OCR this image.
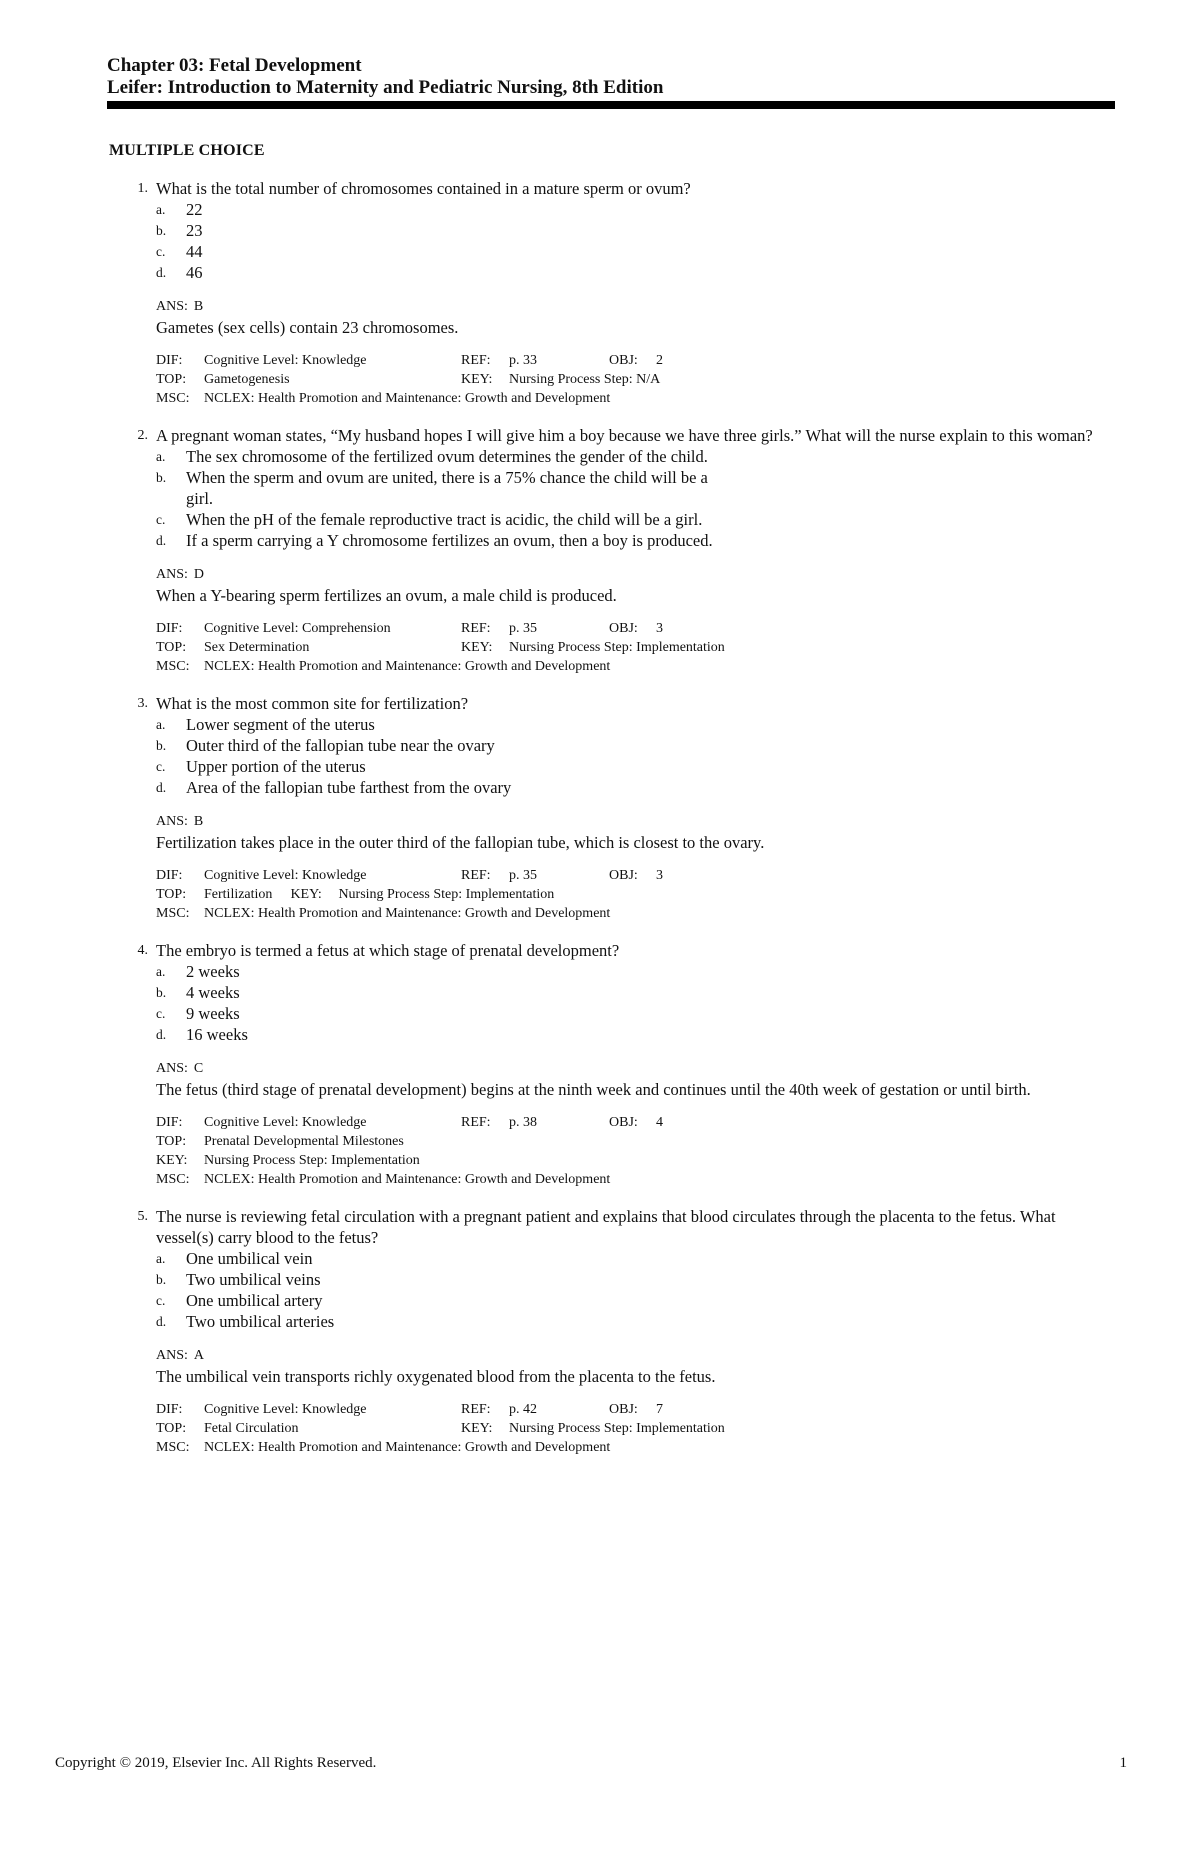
Chapter 03: Fetal Development
Leifer: Introduction to Maternity and Pediatric Nursing, 8th Edition
MULTIPLE CHOICE
1. What is the total number of chromosomes contained in a mature sperm or ovum?
a.	22
b.	23
c.	44
d.	46
ANS: B
Gametes (sex cells) contain 23 chromosomes.
DIF:	Cognitive Level: Knowledge	REF:	p. 33	OBJ:	2
TOP:	Gametogenesis	KEY:	Nursing Process Step: N/A
MSC:	NCLEX: Health Promotion and Maintenance: Growth and Development
2. A pregnant woman states, “My husband hopes I will give him a boy because we have three girls.” What will the nurse explain to this woman?
a.	The sex chromosome of the fertilized ovum determines the gender of the child.
b.	When the sperm and ovum are united, there is a 75% chance the child will be a girl.
c.	When the pH of the female reproductive tract is acidic, the child will be a girl.
d.	If a sperm carrying a Y chromosome fertilizes an ovum, then a boy is produced.
ANS: D
When a Y-bearing sperm fertilizes an ovum, a male child is produced.
DIF:	Cognitive Level: Comprehension	REF:	p. 35	OBJ:	3
TOP:	Sex Determination	KEY:	Nursing Process Step: Implementation
MSC:	NCLEX: Health Promotion and Maintenance: Growth and Development
3. What is the most common site for fertilization?
a.	Lower segment of the uterus
b.	Outer third of the fallopian tube near the ovary
c.	Upper portion of the uterus
d.	Area of the fallopian tube farthest from the ovary
ANS: B
Fertilization takes place in the outer third of the fallopian tube, which is closest to the ovary.
DIF:	Cognitive Level: Knowledge	REF:	p. 35	OBJ:	3
TOP:	Fertilization KEY:	Nursing Process Step: Implementation
MSC:	NCLEX: Health Promotion and Maintenance: Growth and Development
4. The embryo is termed a fetus at which stage of prenatal development?
a.	2 weeks
b.	4 weeks
c.	9 weeks
d.	16 weeks
ANS: C
The fetus (third stage of prenatal development) begins at the ninth week and continues until the 40th week of gestation or until birth.
DIF:	Cognitive Level: Knowledge	REF:	p. 38	OBJ:	4
TOP:	Prenatal Developmental Milestones
KEY:	Nursing Process Step: Implementation
MSC:	NCLEX: Health Promotion and Maintenance: Growth and Development
5. The nurse is reviewing fetal circulation with a pregnant patient and explains that blood circulates through the placenta to the fetus. What vessel(s) carry blood to the fetus?
a.	One umbilical vein
b.	Two umbilical veins
c.	One umbilical artery
d.	Two umbilical arteries
ANS: A
The umbilical vein transports richly oxygenated blood from the placenta to the fetus.
DIF:	Cognitive Level: Knowledge	REF:	p. 42	OBJ:	7
TOP:	Fetal Circulation	KEY:	Nursing Process Step: Implementation
MSC:	NCLEX: Health Promotion and Maintenance: Growth and Development
Copyright © 2019, Elsevier Inc. All Rights Reserved.	1
